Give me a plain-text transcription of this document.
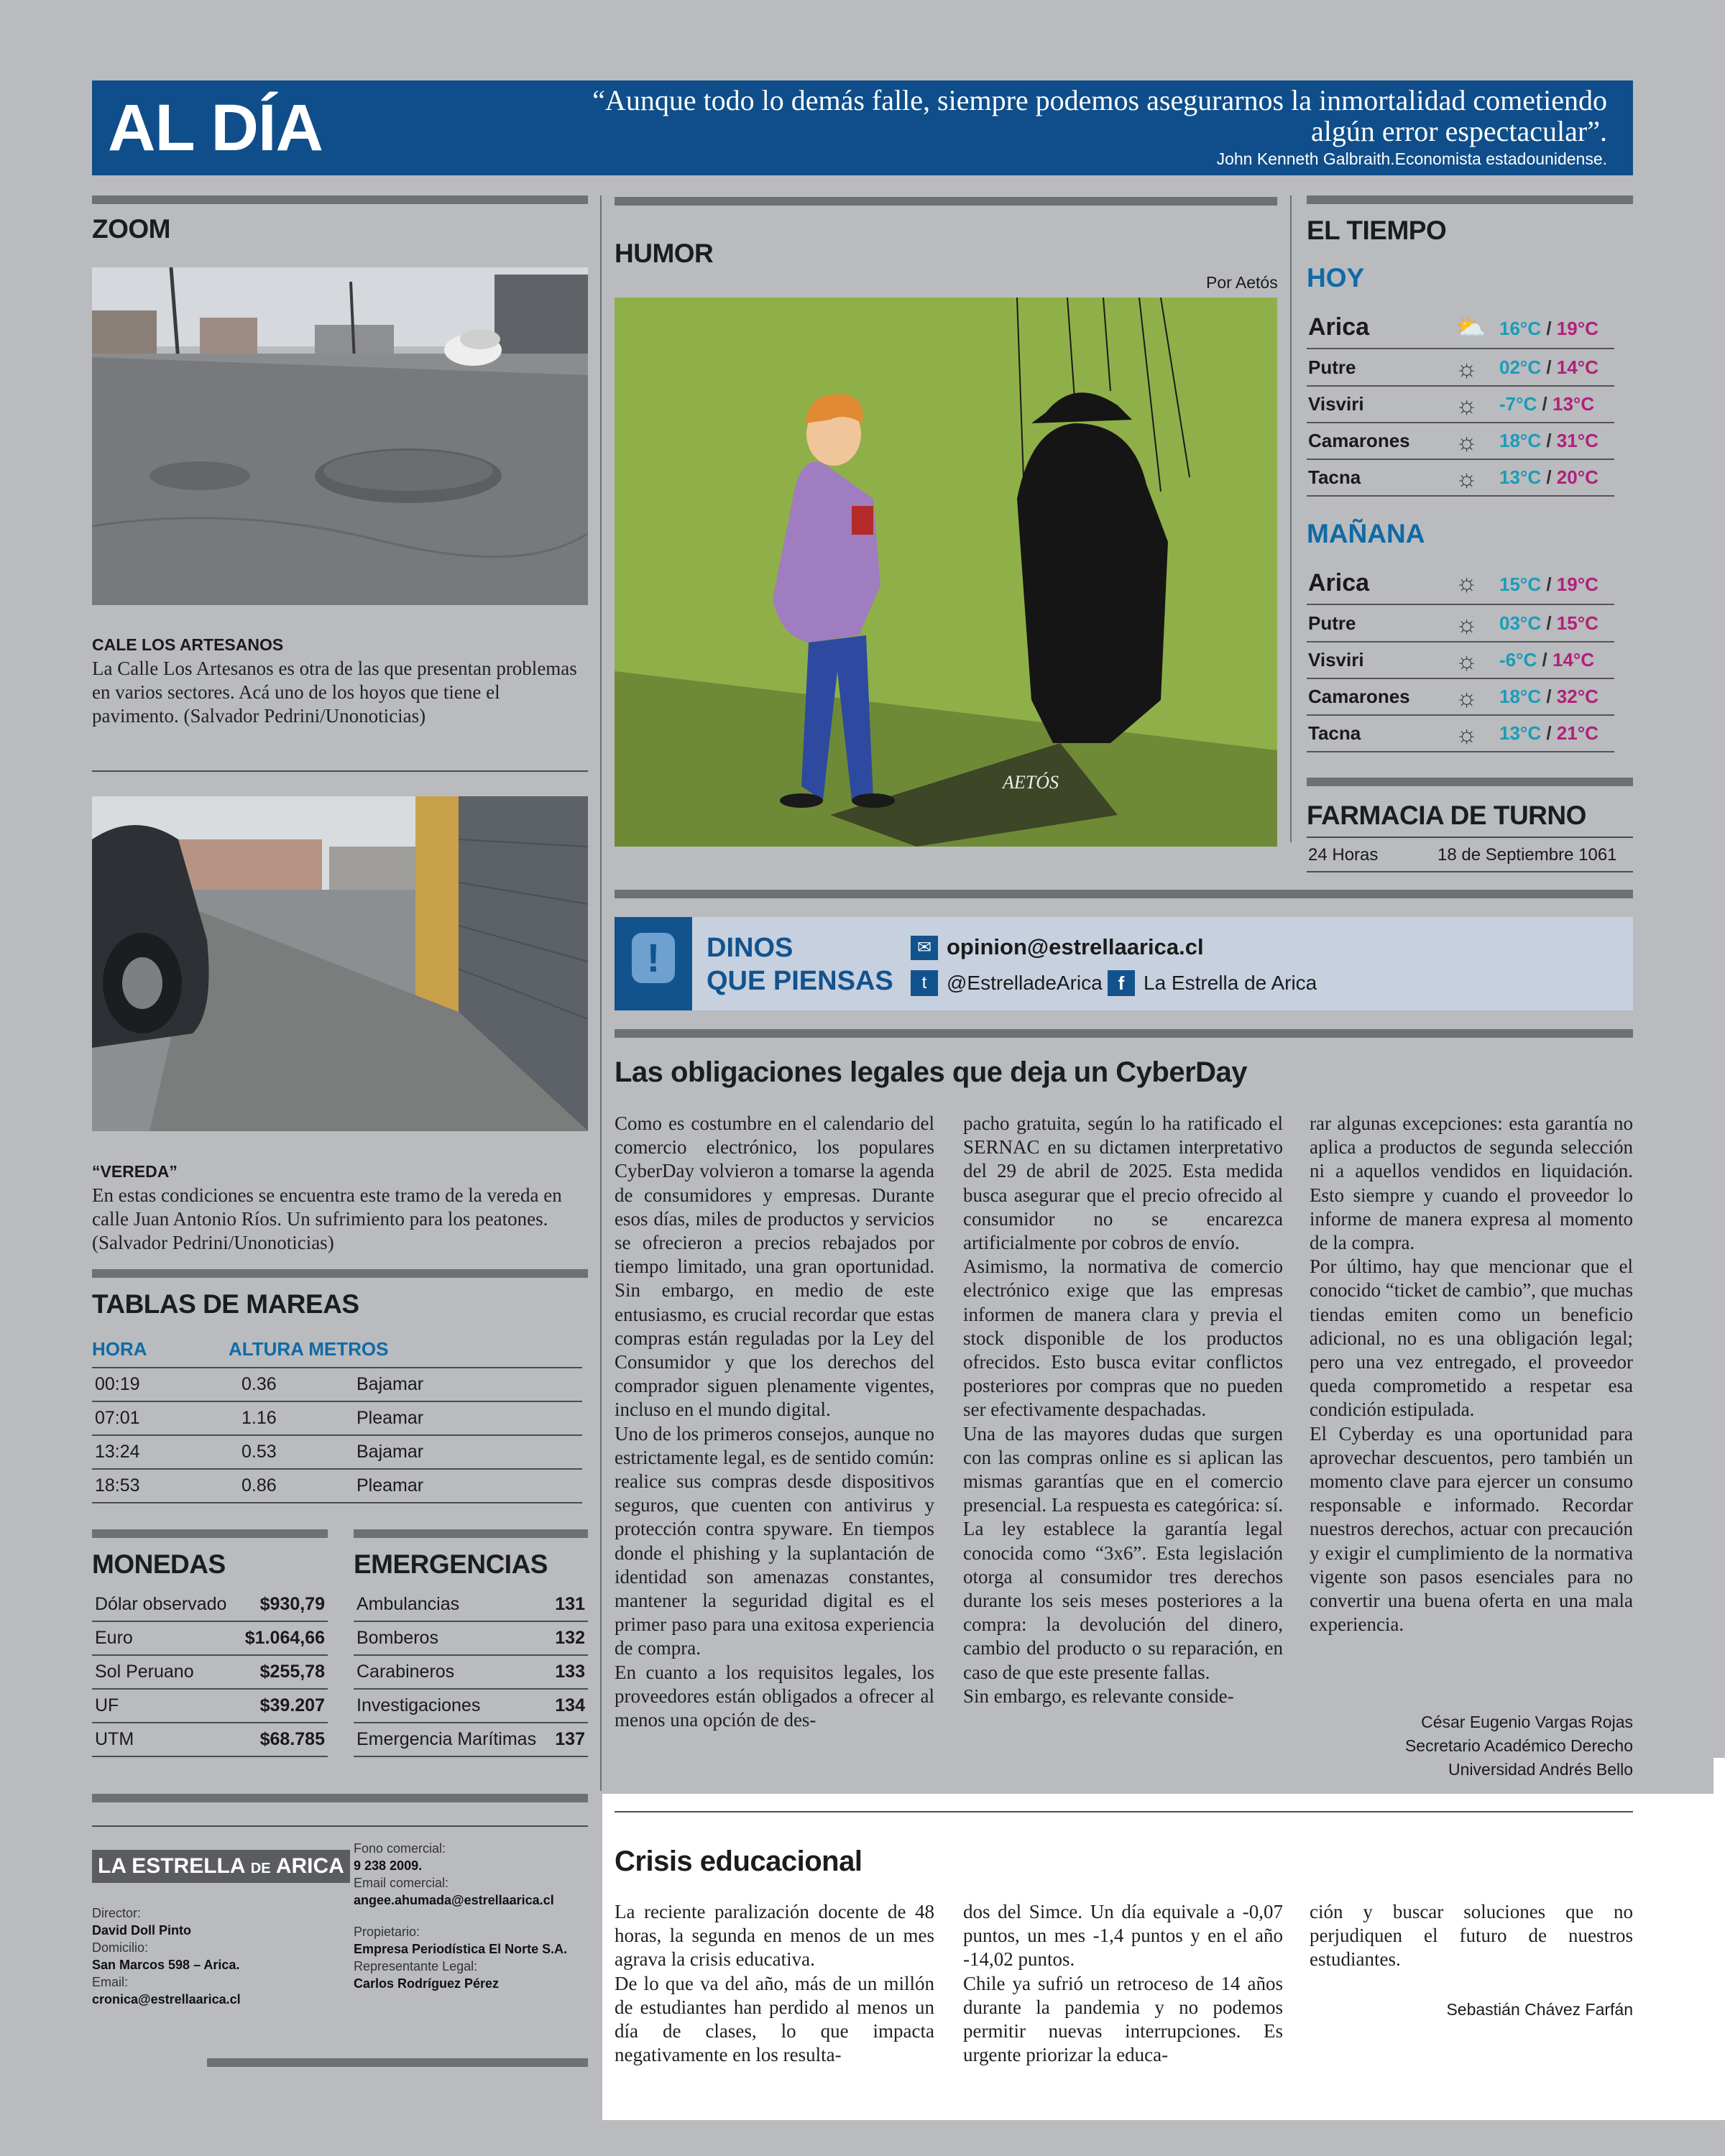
AL DÍA	“Aunque todo lo demás falle, siempre podemos asegurarnos la inmortalidad cometiendo algún error espectacular”.
John Kenneth Galbraith.Economista estadounidense.
ZOOM
CALE LOS ARTESANOS
La Calle Los Artesanos es otra de las que presentan problemas en varios sectores. Acá uno de los hoyos que tiene el pavimento. (Salvador Pedrini/Unonoticias)
“VEREDA”
En estas condiciones se encuentra este tramo de la vereda en calle Juan Antonio Ríos. Un sufrimiento para los peatones. (Salvador Pedrini/Unonoticias)
TABLAS DE MAREAS
HORA	ALTURA METROS
00:19	0.36	Bajamar
07:01	1.16	Pleamar
13:24	0.53	Bajamar
18:53	0.86	Pleamar
MONEDAS
Dólar observado	$930,79
Euro	$1.064,66
Sol Peruano	$255,78
UF	$39.207
UTM	$68.785
EMERGENCIAS
Ambulancias	131
Bomberos	132
Carabineros	133
Investigaciones	134
Emergencia Marítimas	137
LA ESTRELLA DE ARICA
Director:
David Doll Pinto
Domicilio:
San Marcos 598 – Arica.
Email:
cronica@estrellaarica.cl
Fono comercial:
9 238 2009.
Email comercial:
angee.ahumada@estrellaarica.cl
Propietario:
Empresa Periodística El Norte S.A.
Representante Legal:
Carlos Rodríguez Pérez
HUMOR
Por Aetós
AETÓS
EL TIEMPO
HOY
Arica	⛅ 16°C / 19°C
Putre	☼ 02°C / 14°C
Visviri	☼ -7°C / 13°C
Camarones ☼ 18°C / 31°C
Tacna	☼ 13°C / 20°C
MAÑANA
Arica	☼ 15°C / 19°C
Putre	☼ 03°C / 15°C
Visviri	☼ -6°C / 14°C
Camarones ☼ 18°C / 32°C
Tacna	☼ 13°C / 21°C
FARMACIA DE TURNO
24 Horas	18 de Septiembre 1061
!	DINOS
QUE PIENSAS
✉ opinion@estrellaarica.cl
t @EstrelladeArica f La Estrella de Arica
Las obligaciones legales que deja un CyberDay
Como es costumbre en el calendario del comercio electrónico, los populares CyberDay volvieron a tomarse la agenda de consumidores y empresas. Durante esos días, miles de productos y servicios se ofrecieron a precios rebajados por tiempo limitado, una gran oportunidad. Sin embargo, en medio de este entusiasmo, es crucial recordar que estas compras están reguladas por la Ley del Consumidor y que los derechos del comprador siguen plenamente vigentes, incluso en el mundo digital.
Uno de los primeros consejos, aunque no estrictamente legal, es de sentido común: realice sus compras desde dispositivos seguros, que cuenten con antivirus y protección contra spyware. En tiempos donde el phishing y la suplantación de identidad son amenazas constantes, mantener la seguridad digital es el primer paso para una exitosa experiencia de compra.
En cuanto a los requisitos legales, los proveedores están obligados a ofrecer al menos una opción de des-
pacho gratuita, según lo ha ratificado el SERNAC en su dictamen interpretativo del 29 de abril de 2025. Esta medida busca asegurar que el precio ofrecido al consumidor no se encarezca artificialmente por cobros de envío.
Asimismo, la normativa de comercio electrónico exige que las empresas informen de manera clara y previa el stock disponible de los productos ofrecidos. Esto busca evitar conflictos posteriores por compras que no pueden ser efectivamente despachadas.
Una de las mayores dudas que surgen con las compras online es si aplican las mismas garantías que en el comercio presencial. La respuesta es categórica: sí. La ley establece la garantía legal conocida como “3x6”. Esta legislación otorga al consumidor tres derechos durante los seis meses posteriores a la compra: la devolución del dinero, cambio del producto o su reparación, en caso de que este presente fallas.
Sin embargo, es relevante conside-
rar algunas excepciones: esta garantía no aplica a productos de segunda selección ni a aquellos vendidos en liquidación. Esto siempre y cuando el proveedor lo informe de manera expresa al momento de la compra.
Por último, hay que mencionar que el conocido “ticket de cambio”, que muchas tiendas emiten como un beneficio adicional, no es una obligación legal; pero una vez entregado, el proveedor queda comprometido a respetar esa condición estipulada.
El Cyberday es una oportunidad para aprovechar descuentos, pero también un momento clave para ejercer un consumo responsable e informado. Recordar nuestros derechos, actuar con precaución y exigir el cumplimiento de la normativa vigente son pasos esenciales para no convertir una buena oferta en una mala experiencia.
César Eugenio Vargas Rojas
Secretario Académico Derecho
Universidad Andrés Bello
Crisis educacional
La reciente paralización docente de 48 horas, la segunda en menos de un mes agrava la crisis educativa.
De lo que va del año, más de un millón de estudiantes han perdido al menos un día de clases, lo que impacta negativamente en los resulta-
dos del Simce. Un día equivale a -0,07 puntos, un mes -1,4 puntos y en el año -14,02 puntos.
Chile ya sufrió un retroceso de 14 años durante la pandemia y no podemos permitir nuevas interrupciones. Es urgente priorizar la educa-
ción y buscar soluciones que no perjudiquen el futuro de nuestros estudiantes.
Sebastián Chávez Farfán
